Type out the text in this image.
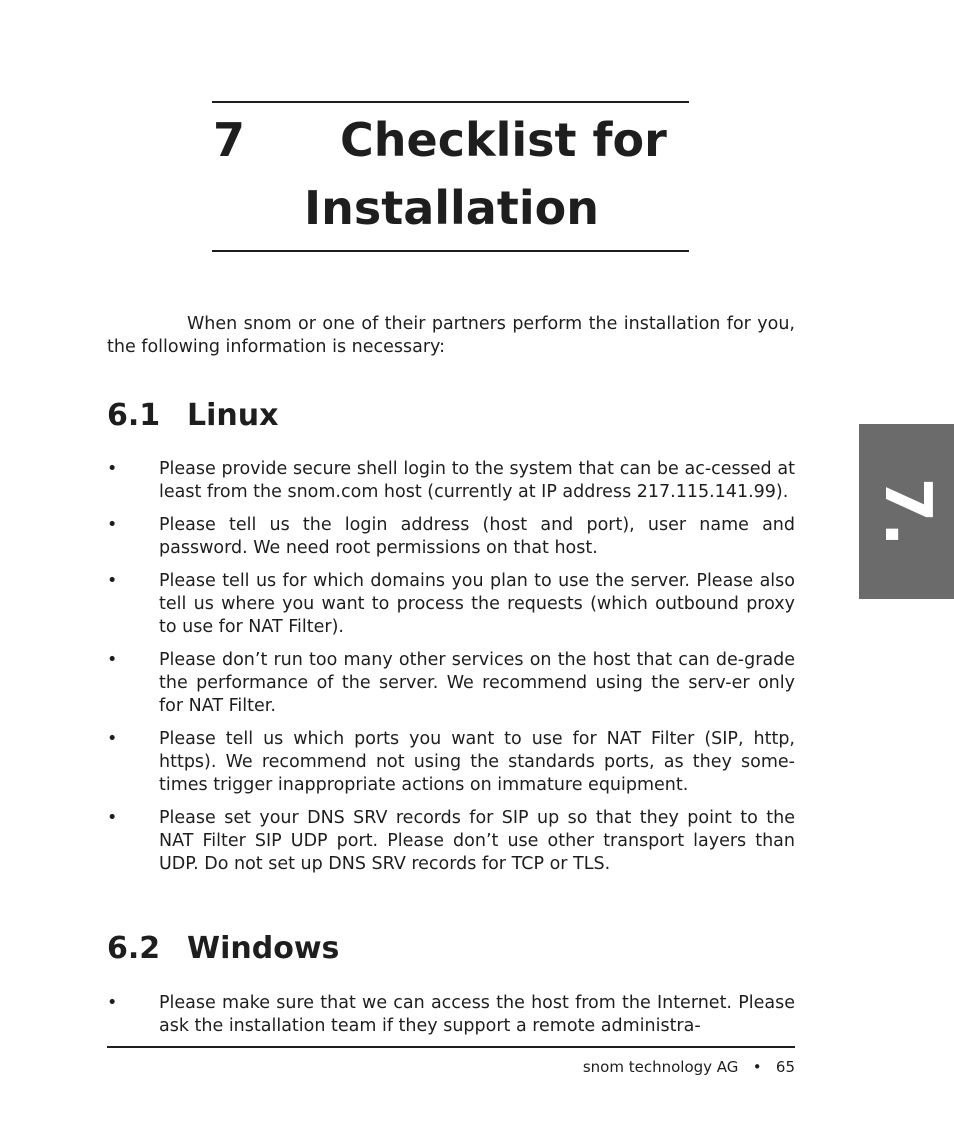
7 Checklist for
Installation

When snom or one of their partners perform the installation for you, the following information is necessary:

6.1 Linux
• Please provide secure shell login to the system that can be ac-cessed at least from the snom.com host (currently at IP address 217.115.141.99).
• Please tell us the login address (host and port), user name and password. We need root permissions on that host.
• Please tell us for which domains you plan to use the server. Please also tell us where you want to process the requests (which outbound proxy to use for NAT Filter).
• Please don’t run too many other services on the host that can de-grade the performance of the server. We recommend using the serv-er only for NAT Filter.
• Please tell us which ports you want to use for NAT Filter (SIP, http, https). We recommend not using the standards ports, as they some-times trigger inappropriate actions on immature equipment.
• Please set your DNS SRV records for SIP up so that they point to the NAT Filter SIP UDP port. Please don’t use other transport layers than UDP. Do not set up DNS SRV records for TCP or TLS.
6.2 Windows
• Please make sure that we can access the host from the Internet. Please ask the installation team if they support a remote administra-
snom technology AG • 65
7.
